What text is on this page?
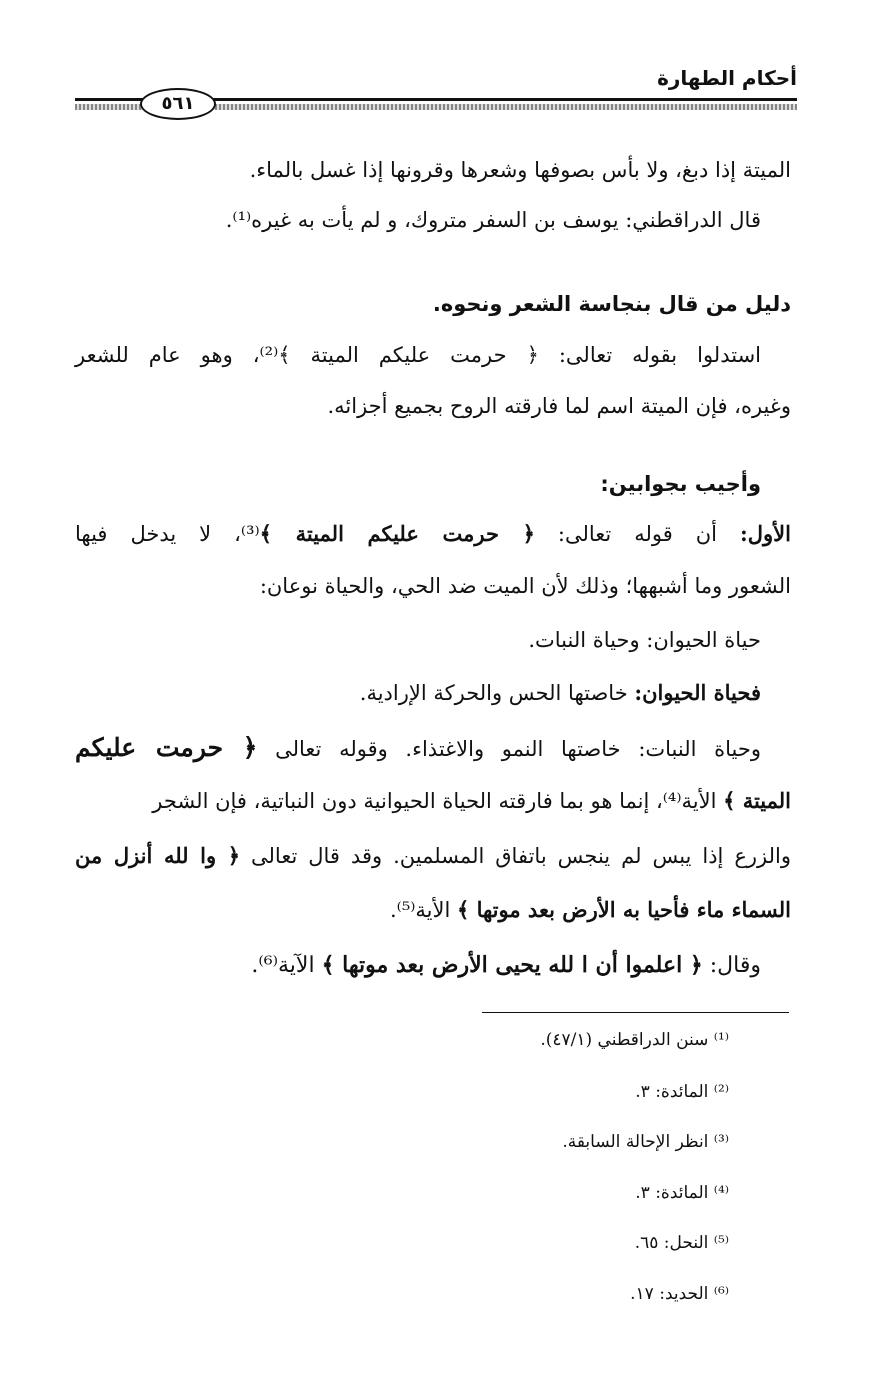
أحكام الطهارة
٥٦١
الميتة إذا دبغ، ولا بأس بصوفها وشعرها وقرونها إذا غسل بالماء.
قال الدراقطني: يوسف بن السفر متروك، و لم يأت به غيره⁽¹⁾.
دليل من قال بنجاسة الشعر ونحوه.
استدلوا بقوله تعالى: ﴿ حرمت عليكم الميتة ﴾⁽²⁾، وهو عام للشعر
وغيره، فإن الميتة اسم لما فارقته الروح بجميع أجزائه.
وأجيب بجوابين:
الأول: أن قوله تعالى: ﴿ حرمت عليكم الميتة ﴾⁽³⁾، لا يدخل فيها
الشعور وما أشبهها؛ وذلك لأن الميت ضد الحي، والحياة نوعان:
حياة الحيوان: وحياة النبات.
فحياة الحيوان: خاصتها الحس والحركة الإرادية.
وحياة النبات: خاصتها النمو والاغتذاء. وقوله تعالى ﴿ حرمت عليكم
الميتة ﴾ الأية⁽⁴⁾، إنما هو بما فارقته الحياة الحيوانية دون النباتية، فإن الشجر
والزرع إذا يبس لم ينجس باتفاق المسلمين. وقد قال تعالى ﴿ وا لله أنزل من
السماء ماء فأحيا به الأرض بعد موتها ﴾ الأية⁽⁵⁾.
وقال: ﴿ اعلموا أن ا لله يحيى الأرض بعد موتها ﴾ الآية⁽⁶⁾.
⁽¹⁾ سنن الدراقطني (٤٧/١).
⁽²⁾ المائدة: ٣.
⁽³⁾ انظر الإحالة السابقة.
⁽⁴⁾ المائدة: ٣.
⁽⁵⁾ النحل: ٦٥.
⁽⁶⁾ الحديد: ١٧.
